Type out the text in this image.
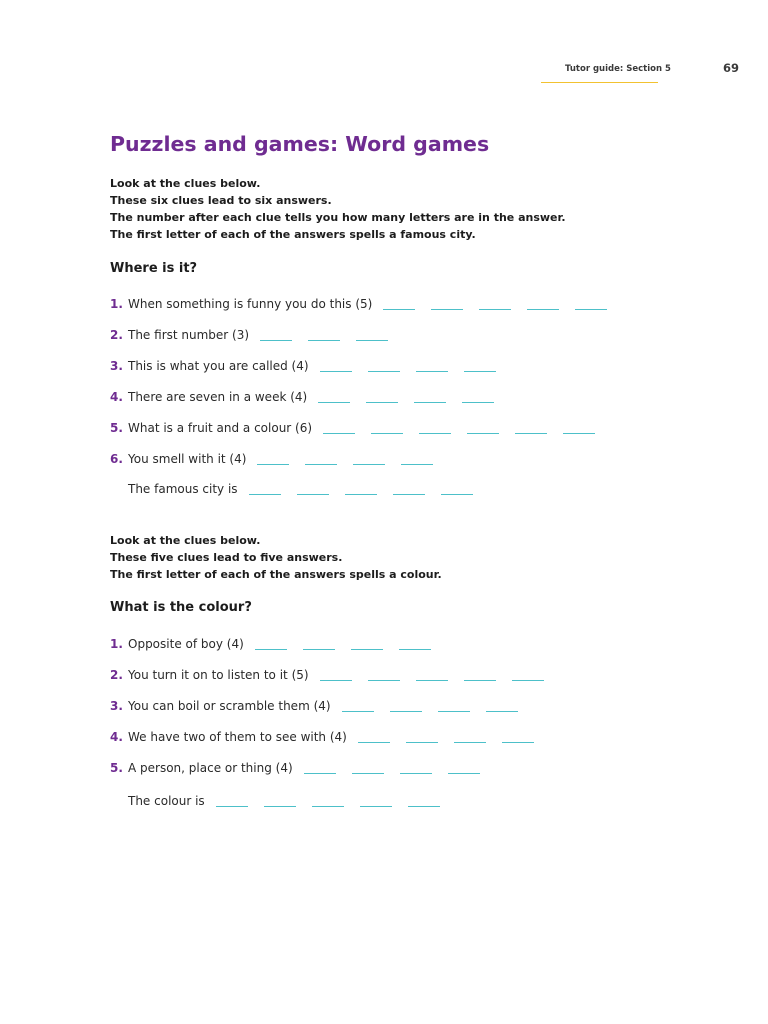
Tutor guide: Section 5	69
Puzzles and games: Word games
Look at the clues below.
These six clues lead to six answers.
The number after each clue tells you how many letters are in the answer.
The first letter of each of the answers spells a famous city.
Where is it?
1. When something is funny you do this (5)
2. The first number (3)
3. This is what you are called (4)
4. There are seven in a week (4)
5. What is a fruit and a colour (6)
6. You smell with it (4)
The famous city is
Look at the clues below.
These five clues lead to five answers.
The first letter of each of the answers spells a colour.
What is the colour?
1. Opposite of boy (4)
2. You turn it on to listen to it (5)
3. You can boil or scramble them (4)
4. We have two of them to see with (4)
5. A person, place or thing (4)
The colour is
